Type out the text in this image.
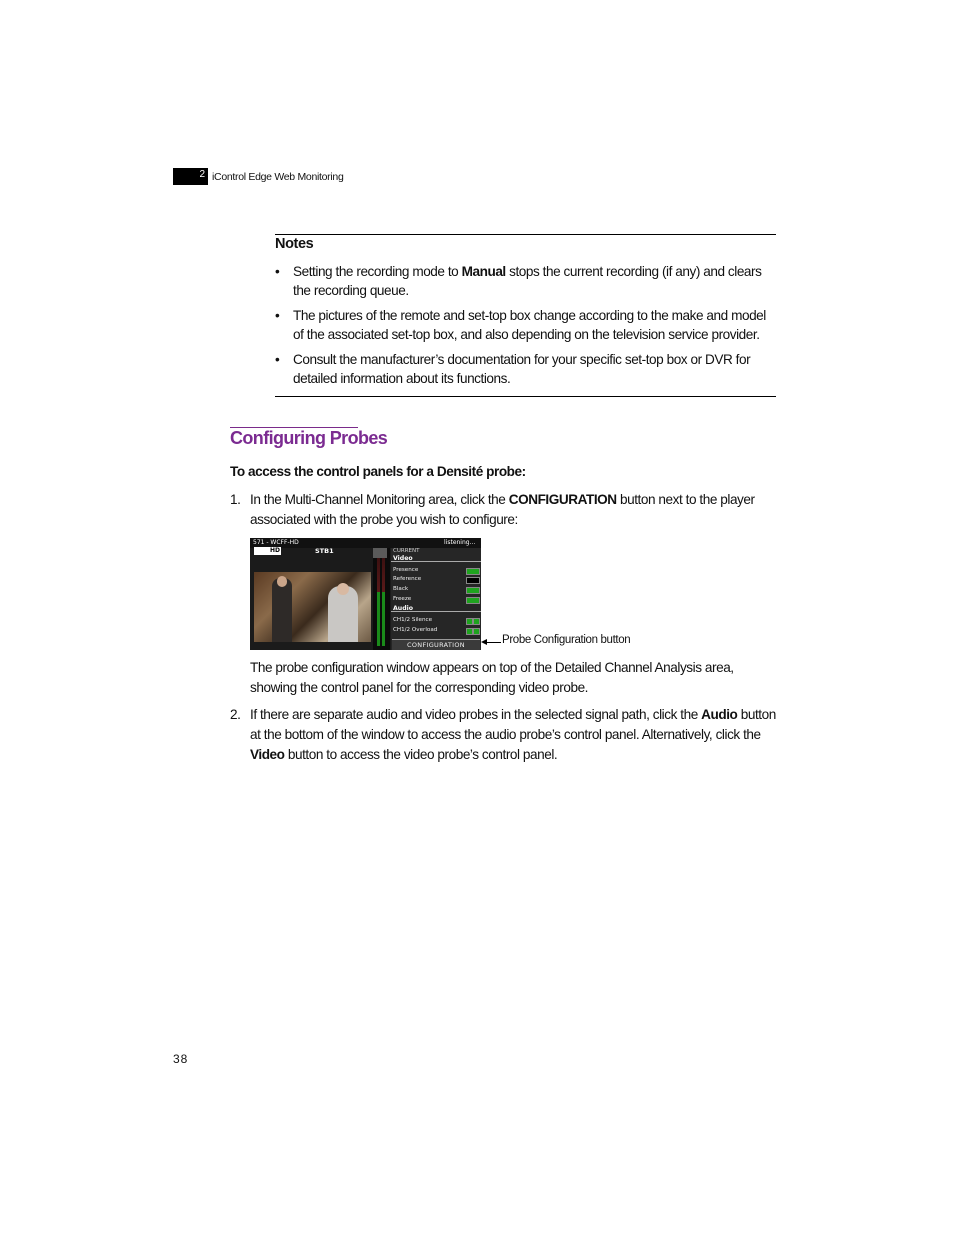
2 iControl Edge Web Monitoring
Notes
• Setting the recording mode to Manual stops the current recording (if any) and clears the recording queue.
• The pictures of the remote and set-top box change according to the make and model of the associated set-top box, and also depending on the television service provider.
• Consult the manufacturer’s documentation for your specific set-top box or DVR for detailed information about its functions.
Configuring Probes
To access the control panels for a Densité probe:
1. In the Multi-Channel Monitoring area, click the CONFIGURATION button next to the player associated with the probe you wish to configure:
571 - WCFF-HD
HD	STB1
listening...
CURRENT
Video
Presence
Reference
Black
Freeze
Audio
CH1/2 Silence
CH1/2 Overload
CONFIGURATION	Probe Configuration button
The probe configuration window appears on top of the Detailed Channel Analysis area, showing the control panel for the corresponding video probe.
2. If there are separate audio and video probes in the selected signal path, click the Audio button at the bottom of the window to access the audio probe’s control panel. Alternatively, click the Video button to access the video probe’s control panel.
38
